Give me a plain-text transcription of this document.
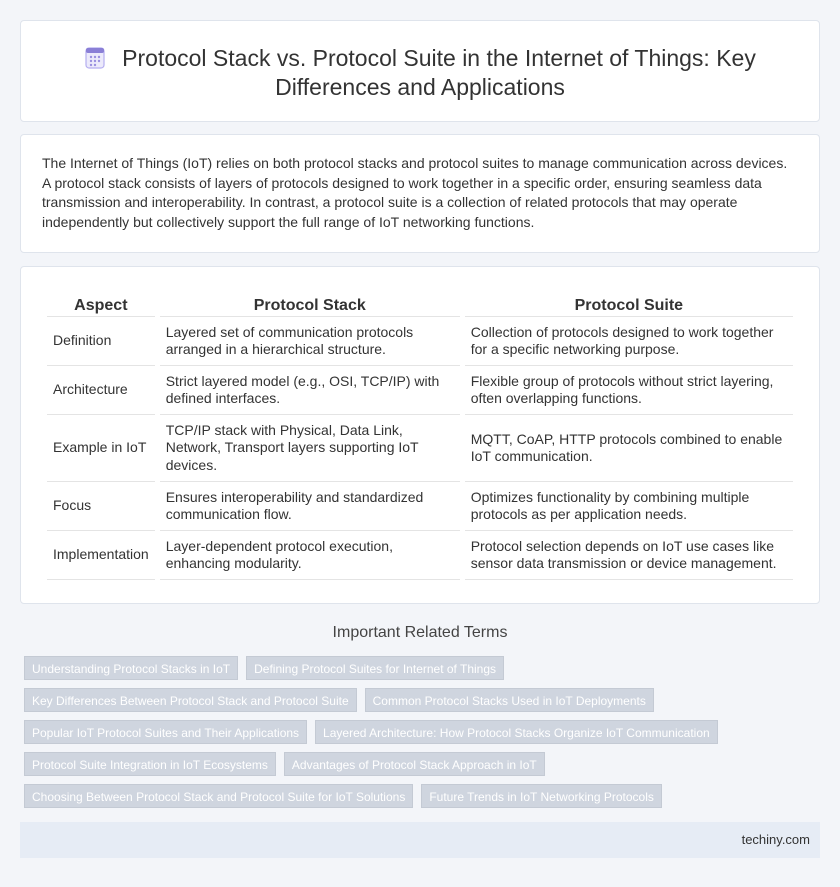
Protocol Stack vs. Protocol Suite in the Internet of Things: Key Differences and Applications

The Internet of Things (IoT) relies on both protocol stacks and protocol suites to manage communication across devices. A protocol stack consists of layers of protocols designed to work together in a specific order, ensuring seamless data transmission and interoperability. In contrast, a protocol suite is a collection of related protocols that may operate independently but collectively support the full range of IoT networking functions.

Aspect	Protocol Stack	Protocol Suite
Definition	Layered set of communication protocols arranged in a hierarchical structure.	Collection of protocols designed to work together for a specific networking purpose.
Architecture	Strict layered model (e.g., OSI, TCP/IP) with defined interfaces.	Flexible group of protocols without strict layering, often overlapping functions.
Example in IoT	TCP/IP stack with Physical, Data Link, Network, Transport layers supporting IoT devices.	MQTT, CoAP, HTTP protocols combined to enable IoT communication.
Focus	Ensures interoperability and standardized communication flow.	Optimizes functionality by combining multiple protocols as per application needs.
Implementation	Layer-dependent protocol execution, enhancing modularity.	Protocol selection depends on IoT use cases like sensor data transmission or device management.
Important Related Terms
Understanding Protocol Stacks in IoT	Defining Protocol Suites for Internet of Things
Key Differences Between Protocol Stack and Protocol Suite	Common Protocol Stacks Used in IoT Deployments
Popular IoT Protocol Suites and Their Applications	Layered Architecture: How Protocol Stacks Organize IoT Communication
Protocol Suite Integration in IoT Ecosystems	Advantages of Protocol Stack Approach in IoT
Choosing Between Protocol Stack and Protocol Suite for IoT Solutions	Future Trends in IoT Networking Protocols
techiny.com
